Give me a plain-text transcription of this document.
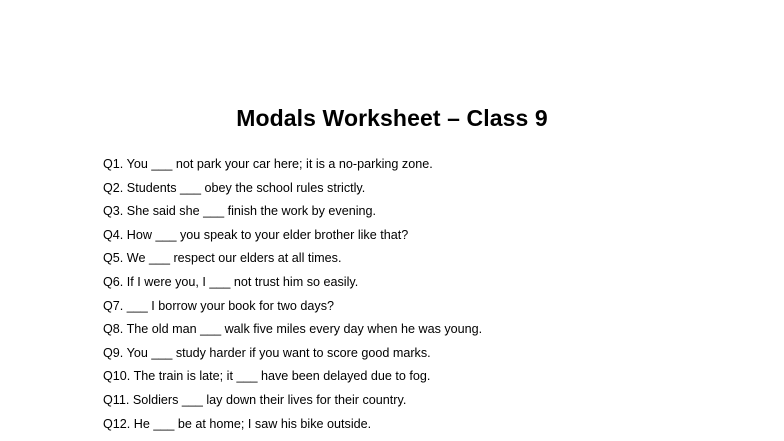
Modals Worksheet – Class 9
Q1. You ___ not park your car here; it is a no-parking zone.
Q2. Students ___ obey the school rules strictly.
Q3. She said she ___ finish the work by evening.
Q4. How ___ you speak to your elder brother like that?
Q5. We ___ respect our elders at all times.
Q6. If I were you, I ___ not trust him so easily.
Q7. ___ I borrow your book for two days?
Q8. The old man ___ walk five miles every day when he was young.
Q9. You ___ study harder if you want to score good marks.
Q10. The train is late; it ___ have been delayed due to fog.
Q11. Soldiers ___ lay down their lives for their country.
Q12. He ___ be at home; I saw his bike outside.
